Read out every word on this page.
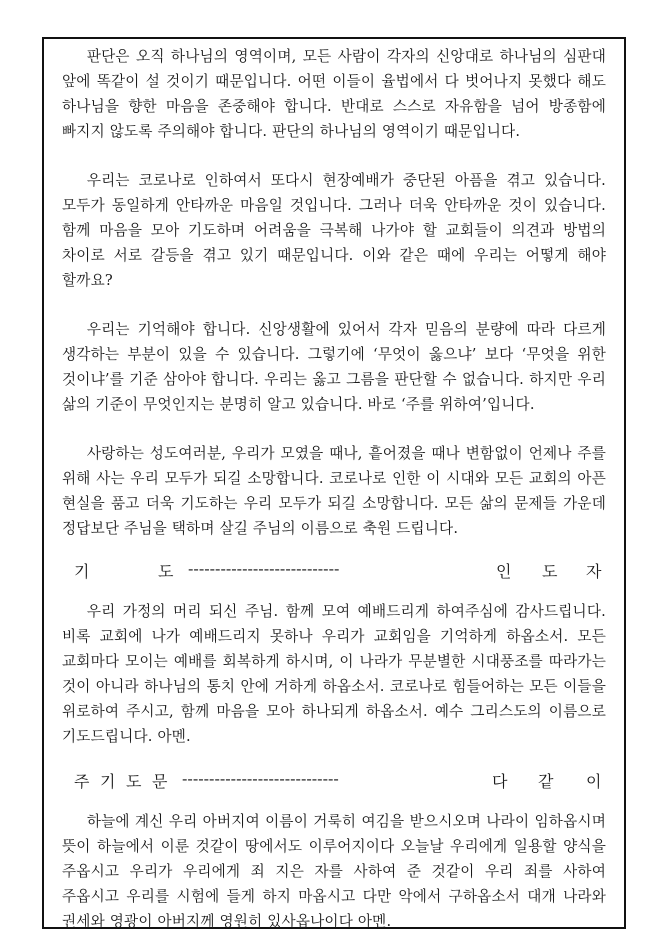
판단은 오직 하나님의 영역이며, 모든 사람이 각자의 신앙대로 하나님의 심판대 앞에 똑같이 설 것이기 때문입니다. 어떤 이들이 율법에서 다 벗어나지 못했다 해도 하나님을 향한 마음을 존중해야 합니다. 반대로 스스로 자유함을 넘어 방종함에 빠지지 않도록 주의해야 합니다. 판단의 하나님의 영역이기 때문입니다.

우리는 코로나로 인하여서 또다시 현장예배가 중단된 아픔을 겪고 있습니다. 모두가 동일하게 안타까운 마음일 것입니다. 그러나 더욱 안타까운 것이 있습니다. 함께 마음을 모아 기도하며 어려움을 극복해 나가야 할 교회들이 의견과 방법의 차이로 서로 갈등을 겪고 있기 때문입니다. 이와 같은 때에 우리는 어떻게 해야 할까요?

우리는 기억해야 합니다. 신앙생활에 있어서 각자 믿음의 분량에 따라 다르게 생각하는 부분이 있을 수 있습니다. 그렇기에 ‘무엇이 옳으냐’ 보다 ‘무엇을 위한 것이냐’를 기준 삼아야 합니다. 우리는 옳고 그름을 판단할 수 없습니다. 하지만 우리 삶의 기준이 무엇인지는 분명히 알고 있습니다. 바로 ‘주를 위하여’입니다.

사랑하는 성도여러분, 우리가 모였을 때나, 흩어졌을 때나 변함없이 언제나 주를 위해 사는 우리 모두가 되길 소망합니다. 코로나로 인한 이 시대와 모든 교회의 아픈 현실을 품고 더욱 기도하는 우리 모두가 되길 소망합니다. 모든 삶의 문제들 가운데 정답보단 주님을 택하며 살길 주님의 이름으로 축원 드립니다.

기	도 ----------------------------	인 도 자

우리 가정의 머리 되신 주님. 함께 모여 예배드리게 하여주심에 감사드립니다. 비록 교회에 나가 예배드리지 못하나 우리가 교회임을 기억하게 하옵소서. 모든 교회마다 모이는 예배를 회복하게 하시며, 이 나라가 무분별한 시대풍조를 따라가는 것이 아니라 하나님의 통치 안에 거하게 하옵소서. 코로나로 힘들어하는 모든 이들을 위로하여 주시고, 함께 마음을 모아 하나되게 하옵소서. 예수 그리스도의 이름으로 기도드립니다. 아멘.

주 기 도 문 -----------------------------	다 같 이

하늘에 계신 우리 아버지여 이름이 거룩히 여김을 받으시오며 나라이 임하옵시며 뜻이 하늘에서 이룬 것같이 땅에서도 이루어지이다 오늘날 우리에게 일용할 양식을 주옵시고 우리가 우리에게 죄 지은 자를 사하여 준 것같이 우리 죄를 사하여 주옵시고 우리를 시험에 들게 하지 마옵시고 다만 악에서 구하옵소서 대개 나라와 권세와 영광이 아버지께 영원히 있사옵나이다 아멘.
